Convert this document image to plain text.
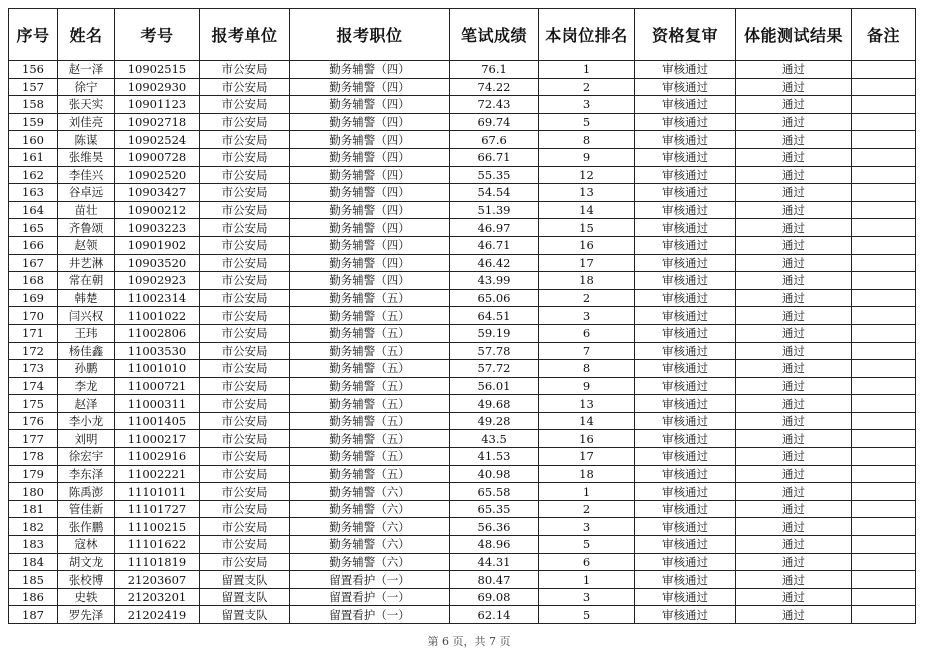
序号	姓名	考号	报考单位	报考职位	笔试成绩	本岗位排名	资格复审	体能测试结果	备注
156	赵一泽	10902515	市公安局	勤务辅警（四）	76.1	1	审核通过	通过	
157	徐宁	10902930	市公安局	勤务辅警（四）	74.22	2	审核通过	通过	
158	张天实	10901123	市公安局	勤务辅警（四）	72.43	3	审核通过	通过	
159	刘佳亮	10902718	市公安局	勤务辅警（四）	69.74	5	审核通过	通过	
160	陈谋	10902524	市公安局	勤务辅警（四）	67.6	8	审核通过	通过	
161	张维昊	10900728	市公安局	勤务辅警（四）	66.71	9	审核通过	通过	
162	李佳兴	10902520	市公安局	勤务辅警（四）	55.35	12	审核通过	通过	
163	谷卓远	10903427	市公安局	勤务辅警（四）	54.54	13	审核通过	通过	
164	苗壮	10900212	市公安局	勤务辅警（四）	51.39	14	审核通过	通过	
165	齐鲁颂	10903223	市公安局	勤务辅警（四）	46.97	15	审核通过	通过	
166	赵领	10901902	市公安局	勤务辅警（四）	46.71	16	审核通过	通过	
167	井艺淋	10903520	市公安局	勤务辅警（四）	46.42	17	审核通过	通过	
168	常在朝	10902923	市公安局	勤务辅警（四）	43.99	18	审核通过	通过	
169	韩楚	11002314	市公安局	勤务辅警（五）	65.06	2	审核通过	通过	
170	闫兴权	11001022	市公安局	勤务辅警（五）	64.51	3	审核通过	通过	
171	王玮	11002806	市公安局	勤务辅警（五）	59.19	6	审核通过	通过	
172	杨佳鑫	11003530	市公安局	勤务辅警（五）	57.78	7	审核通过	通过	
173	孙鹏	11001010	市公安局	勤务辅警（五）	57.72	8	审核通过	通过	
174	李龙	11000721	市公安局	勤务辅警（五）	56.01	9	审核通过	通过	
175	赵泽	11000311	市公安局	勤务辅警（五）	49.68	13	审核通过	通过	
176	李小龙	11001405	市公安局	勤务辅警（五）	49.28	14	审核通过	通过	
177	刘明	11000217	市公安局	勤务辅警（五）	43.5	16	审核通过	通过	
178	徐宏宇	11002916	市公安局	勤务辅警（五）	41.53	17	审核通过	通过	
179	李东泽	11002221	市公安局	勤务辅警（五）	40.98	18	审核通过	通过	
180	陈禹澎	11101011	市公安局	勤务辅警（六）	65.58	1	审核通过	通过	
181	管佳新	11101727	市公安局	勤务辅警（六）	65.35	2	审核通过	通过	
182	张作鹏	11100215	市公安局	勤务辅警（六）	56.36	3	审核通过	通过	
183	寇林	11101622	市公安局	勤务辅警（六）	48.96	5	审核通过	通过	
184	胡文龙	11101819	市公安局	勤务辅警（六）	44.31	6	审核通过	通过	
185	张校博	21203607	留置支队	留置看护（一）	80.47	1	审核通过	通过	
186	史轶	21203201	留置支队	留置看护（一）	69.08	3	审核通过	通过	
187	罗先泽	21202419	留置支队	留置看护（一）	62.14	5	审核通过	通过	
第 6 页，共 7 页
